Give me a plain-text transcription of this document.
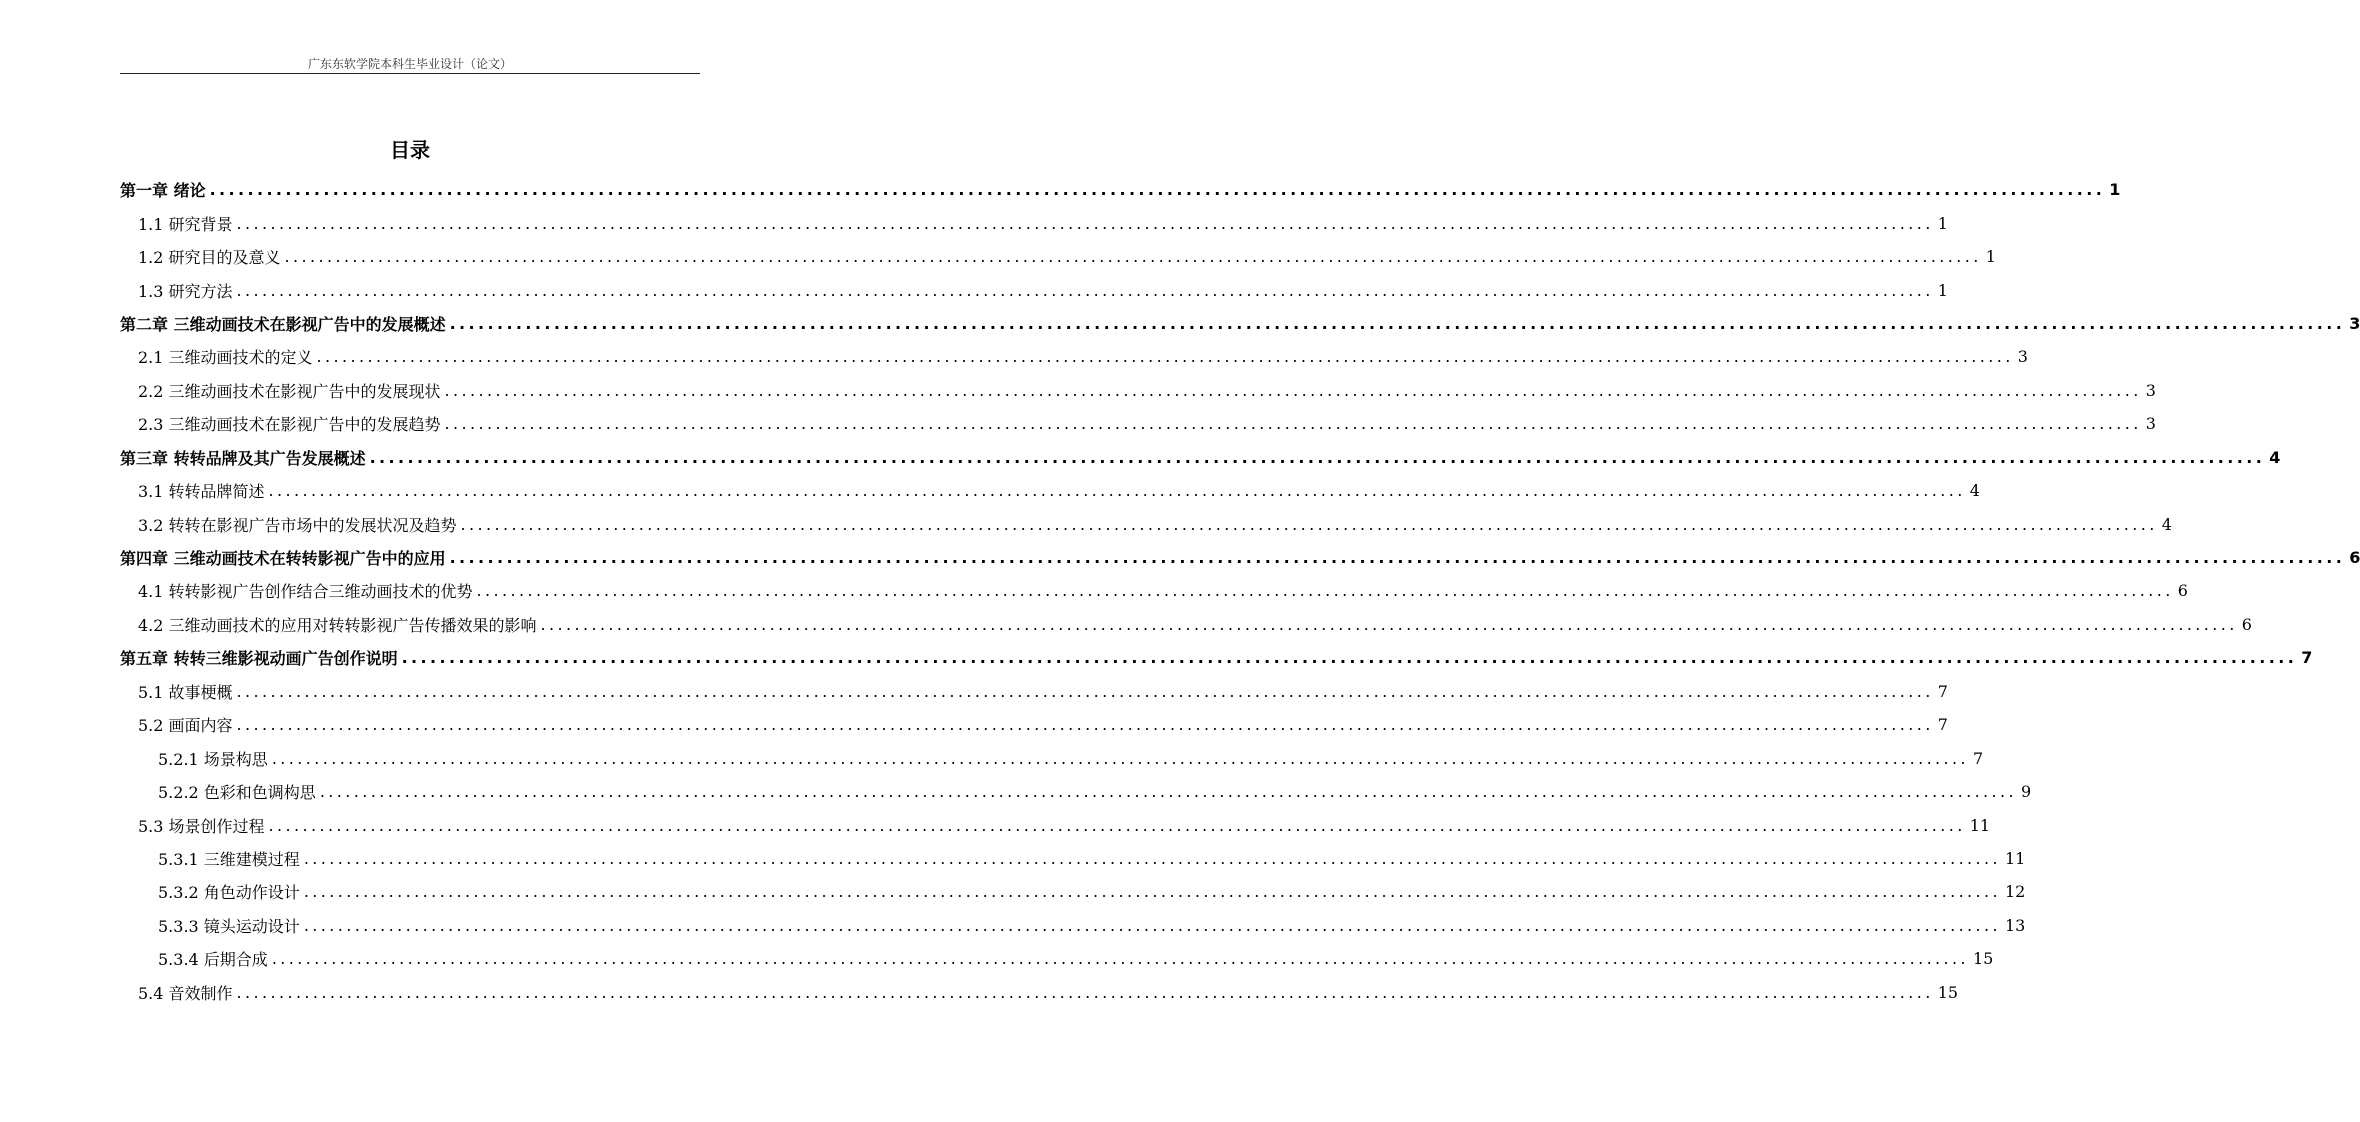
广东东软学院本科生毕业设计（论文）
目录
第一章 绪论 ........................................................................................................................................................................................................ 1
1.1 研究背景 ........................................................................................................................................................................................................ 1
1.2 研究目的及意义 ........................................................................................................................................................................................................ 1
1.3 研究方法 ........................................................................................................................................................................................................ 1
第二章 三维动画技术在影视广告中的发展概述 ........................................................................................................................................................................................................ 3
2.1 三维动画技术的定义 ........................................................................................................................................................................................................ 3
2.2 三维动画技术在影视广告中的发展现状 ........................................................................................................................................................................................................ 3
2.3 三维动画技术在影视广告中的发展趋势 ........................................................................................................................................................................................................ 3
第三章 转转品牌及其广告发展概述 ........................................................................................................................................................................................................ 4
3.1 转转品牌简述 ........................................................................................................................................................................................................ 4
3.2 转转在影视广告市场中的发展状况及趋势 ........................................................................................................................................................................................................ 4
第四章 三维动画技术在转转影视广告中的应用 ........................................................................................................................................................................................................ 6
4.1 转转影视广告创作结合三维动画技术的优势 ........................................................................................................................................................................................................ 6
4.2 三维动画技术的应用对转转影视广告传播效果的影响 ........................................................................................................................................................................................................ 6
第五章 转转三维影视动画广告创作说明 ........................................................................................................................................................................................................ 7
5.1 故事梗概 ........................................................................................................................................................................................................ 7
5.2 画面内容 ........................................................................................................................................................................................................ 7
5.2.1 场景构思 ........................................................................................................................................................................................................ 7
5.2.2 色彩和色调构思 ........................................................................................................................................................................................................ 9
5.3 场景创作过程 ........................................................................................................................................................................................................ 11
5.3.1 三维建模过程 ........................................................................................................................................................................................................ 11
5.3.2 角色动作设计 ........................................................................................................................................................................................................ 12
5.3.3 镜头运动设计 ........................................................................................................................................................................................................ 13
5.3.4 后期合成 ........................................................................................................................................................................................................ 15
5.4 音效制作 ........................................................................................................................................................................................................ 15
